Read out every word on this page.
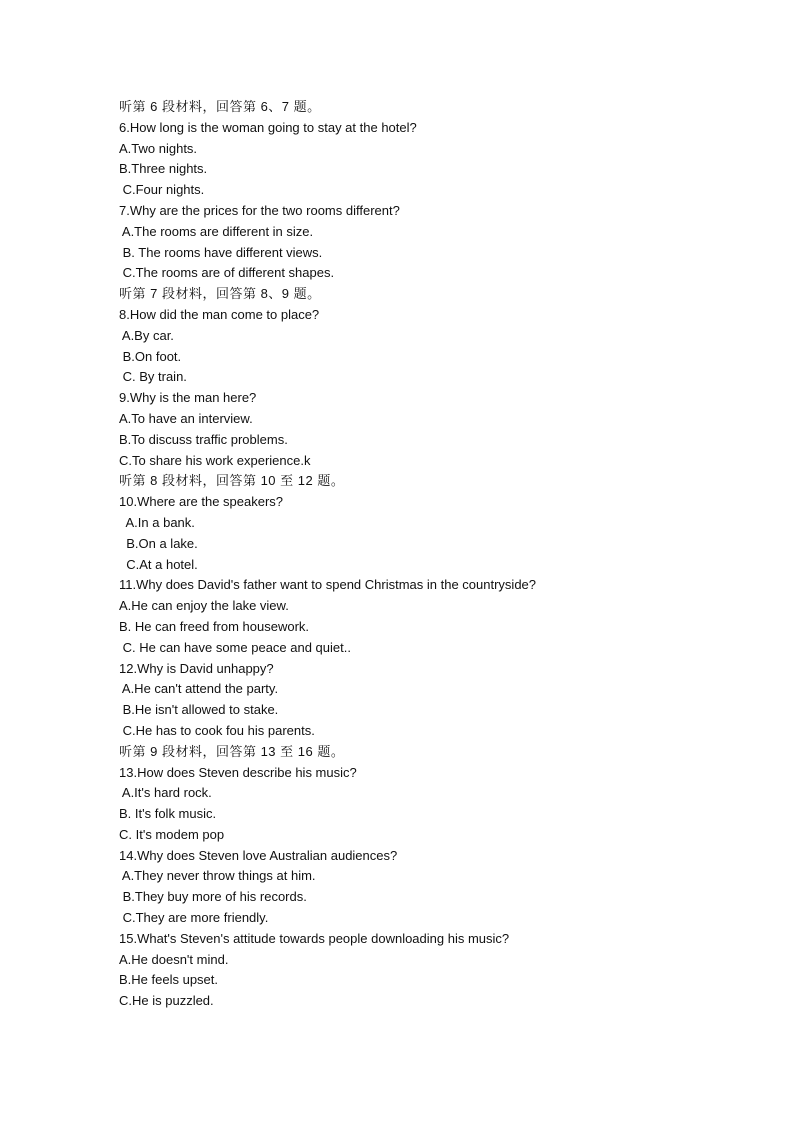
听第 6 段材料，回答第 6、7 题。
6.How long is the woman going to stay at the hotel?
A.Two nights.
B.Three nights.
C.Four nights.
7.Why are the prices for the two rooms different?
A.The rooms are different in size.
B. The rooms have different views.
C.The rooms are of different shapes.
听第 7 段材料，回答第 8、9 题。
8.How did the man come to place?
A.By car.
B.On foot.
C. By train.
9.Why is the man here?
A.To have an interview.
B.To discuss traffic problems.
C.To share his work experience.k
听第 8 段材料，回答第 10 至 12 题。
10.Where are the speakers?
A.In a bank.
B.On a lake.
C.At a hotel.
11.Why does David's father want to spend Christmas in the countryside?
A.He can enjoy the lake view.
B. He can freed from housework.
C. He can have some peace and quiet..
12.Why is David unhappy?
A.He can't attend the party.
B.He isn't allowed to stake.
C.He has to cook fou his parents.
听第 9 段材料，回答第 13 至 16 题。
13.How does Steven describe his music?
A.It's hard rock.
B. It's folk music.
C. It's modem pop
14.Why does Steven love Australian audiences?
A.They never throw things at him.
B.They buy more of his records.
C.They are more friendly.
15.What's Steven's attitude towards people downloading his music?
A.He doesn't mind.
B.He feels upset.
C.He is puzzled.
